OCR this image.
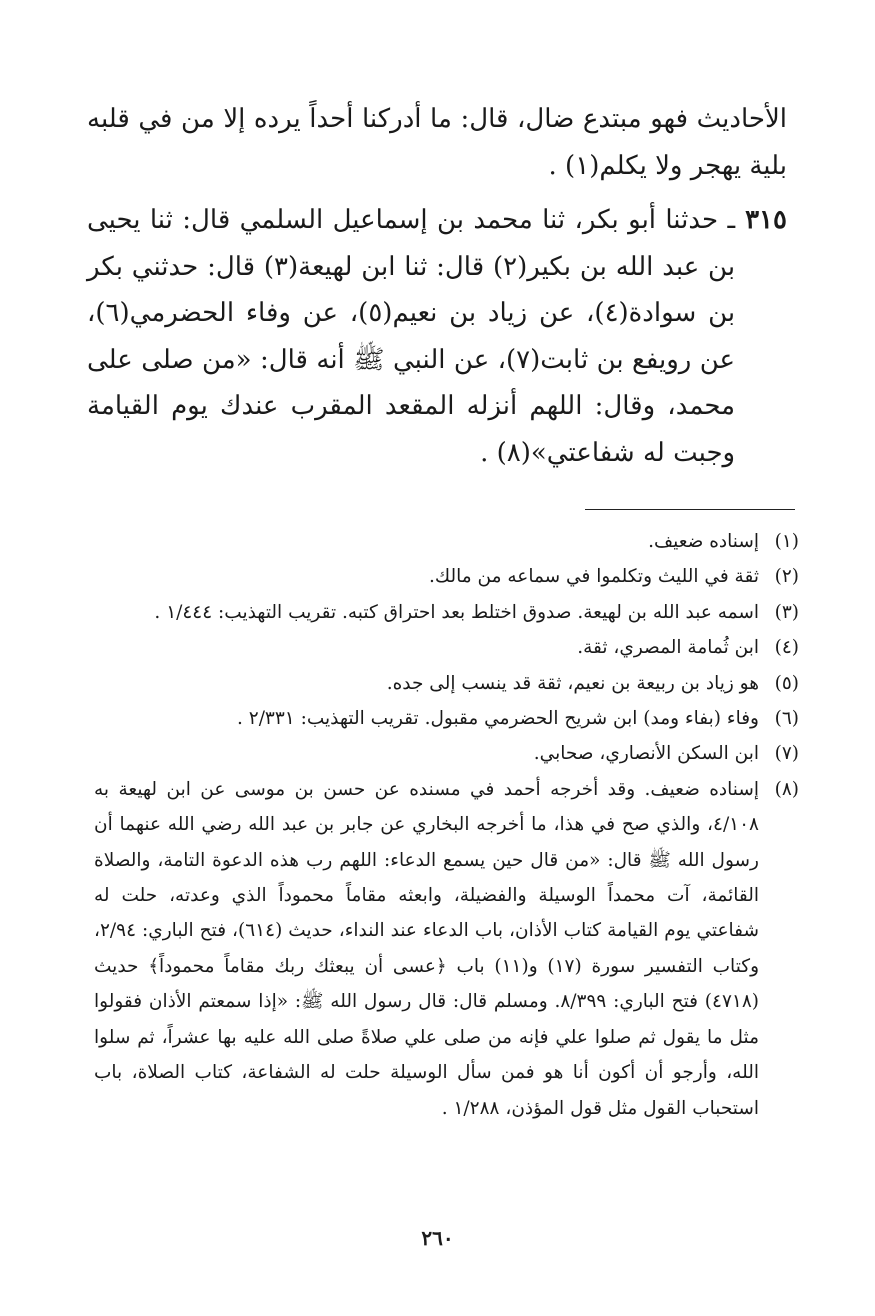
الأحاديث فهو مبتدع ضال، قال: ما أدركنا أحداً يرده إلا من في قلبه بلية يهجر ولا يكلم(١) .

٣١٥
ـ حدثنا أبو بكر، ثنا محمد بن إسماعيل السلمي قال: ثنا يحيى بن عبد الله بن بكير(٢) قال: ثنا ابن لهيعة(٣) قال: حدثني بكر بن سوادة(٤)، عن زياد بن نعيم(٥)، عن وفاء الحضرمي(٦)، عن رويفع بن ثابت(٧)، عن النبي ﷺ أنه قال: «من صلى على محمد، وقال: اللهم أنزله المقعد المقرب عندك يوم القيامة وجبت له شفاعتي»(٨) .
(١)
إسناده ضعيف.
(٢)
ثقة في الليث وتكلموا في سماعه من مالك.
(٣)
اسمه عبد الله بن لهيعة. صدوق اختلط بعد احتراق كتبه. تقريب التهذيب: ١/٤٤٤ .
(٤)
ابن ثُمامة المصري، ثقة.
(٥)
هو زياد بن ربيعة بن نعيم، ثقة قد ينسب إلى جده.
(٦)
وفاء (بفاء ومد) ابن شريح الحضرمي مقبول. تقريب التهذيب: ٢/٣٣١ .
(٧)
ابن السكن الأنصاري، صحابي.
(٨)
إسناده ضعيف. وقد أخرجه أحمد في مسنده عن حسن بن موسى عن ابن لهيعة به ٤/١٠٨، والذي صح في هذا، ما أخرجه البخاري عن جابر بن عبد الله رضي الله عنهما أن رسول الله ﷺ قال: «من قال حين يسمع الدعاء: اللهم رب هذه الدعوة التامة، والصلاة القائمة، آت محمداً الوسيلة والفضيلة، وابعثه مقاماً محموداً الذي وعدته، حلت له شفاعتي يوم القيامة كتاب الأذان، باب الدعاء عند النداء، حديث (٦١٤)، فتح الباري: ٢/٩٤، وكتاب التفسير سورة (١٧) و(١١) باب ﴿عسى أن يبعثك ربك مقاماً محموداً﴾ حديث (٤٧١٨) فتح الباري: ٨/٣٩٩. ومسلم قال: قال رسول الله ﷺ: «إذا سمعتم الأذان فقولوا مثل ما يقول ثم صلوا علي فإنه من صلى علي صلاةً صلى الله عليه بها عشراً، ثم سلوا الله، وأرجو أن أكون أنا هو فمن سأل الوسيلة حلت له الشفاعة، كتاب الصلاة، باب استحباب القول مثل قول المؤذن، ١/٢٨٨ .
٢٦٠
